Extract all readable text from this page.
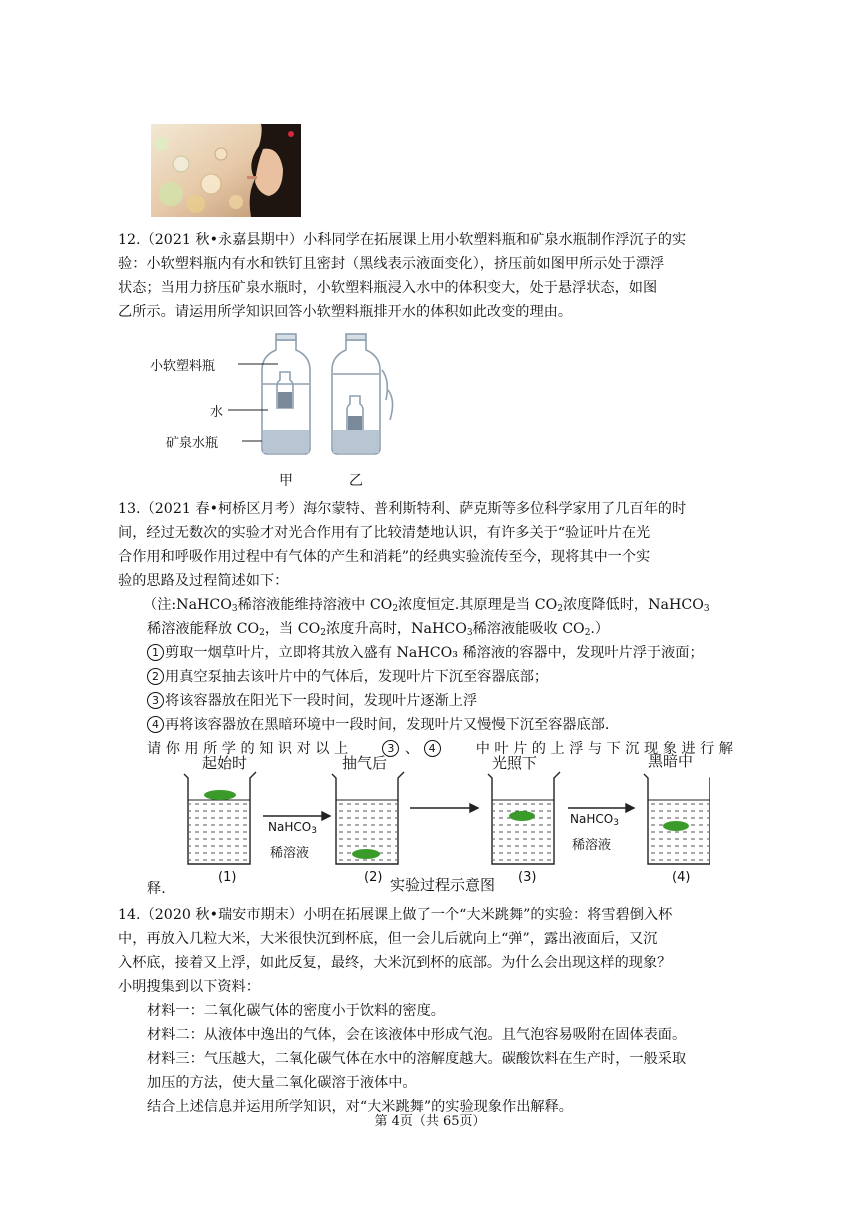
12.（2021 秋•永嘉县期中）小科同学在拓展课上用小软塑料瓶和矿泉水瓶制作浮沉子的实
验：小软塑料瓶内有水和铁钉且密封（黑线表示液面变化），挤压前如图甲所示处于漂浮
状态；当用力挤压矿泉水瓶时，小软塑料瓶浸入水中的体积变大，处于悬浮状态，如图
乙所示。请运用所学知识回答小软塑料瓶排开水的体积如此改变的理由。
小软塑料瓶
水
矿泉水瓶
甲	乙
13.（2021 春•柯桥区月考）海尔蒙特、普利斯特利、萨克斯等多位科学家用了几百年的时
间，经过无数次的实验才对光合作用有了比较清楚地认识，有许多关于“验证叶片在光
合作用和呼吸作用过程中有气体的产生和消耗”的经典实验流传至今，现将其中一个实
验的思路及过程简述如下：
（注:NaHCO$_3$稀溶液能维持溶液中 $CO_2$浓度恒定.其原理是当 $CO_2$浓度降低时，NaHCO$_3$
稀溶液能释放 $CO_2$，当 $CO_2$浓度升高时，NaHCO$_3$稀溶液能吸收 $CO_2$.）
1 剪取一烟草叶片，立即将其放入盛有 NaHCO₃ 稀溶液的容器中，发现叶片浮于液面；
2 用真空泵抽去该叶片中的气体后，发现叶片下沉至容器底部；
3 将该容器放在阳光下一段时间，发现叶片逐渐上浮
4 再将该容器放在黑暗环境中一段时间，发现叶片又慢慢下沉至容器底部.
请 你 用 所 学 的 知 识 对 以 上	3 、 4	中 叶 片 的 上 浮 与 下 沉 现 象 进 行 解
起始时	抽气后	光照下	黑暗中
(1)	(2)	(3)	(4)
NaHCO$_3$
稀溶液
NaHCO$_3$
稀溶液
释.	实验过程示意图
14.（2020 秋•瑞安市期末）小明在拓展课上做了一个“大米跳舞”的实验：将雪碧倒入杯
中，再放入几粒大米，大米很快沉到杯底，但一会儿后就向上“弹”，露出液面后，又沉
入杯底，接着又上浮，如此反复，最终，大米沉到杯的底部。为什么会出现这样的现象？
小明搜集到以下资料：
材料一：二氧化碳气体的密度小于饮料的密度。
材料二：从液体中逸出的气体，会在该液体中形成气泡。且气泡容易吸附在固体表面。
材料三：气压越大，二氧化碳气体在水中的溶解度越大。碳酸饮料在生产时，一般采取
加压的方法，使大量二氧化碳溶于液体中。
结合上述信息并运用所学知识，对“大米跳舞”的实验现象作出解释。
第 4页（共 65页）
